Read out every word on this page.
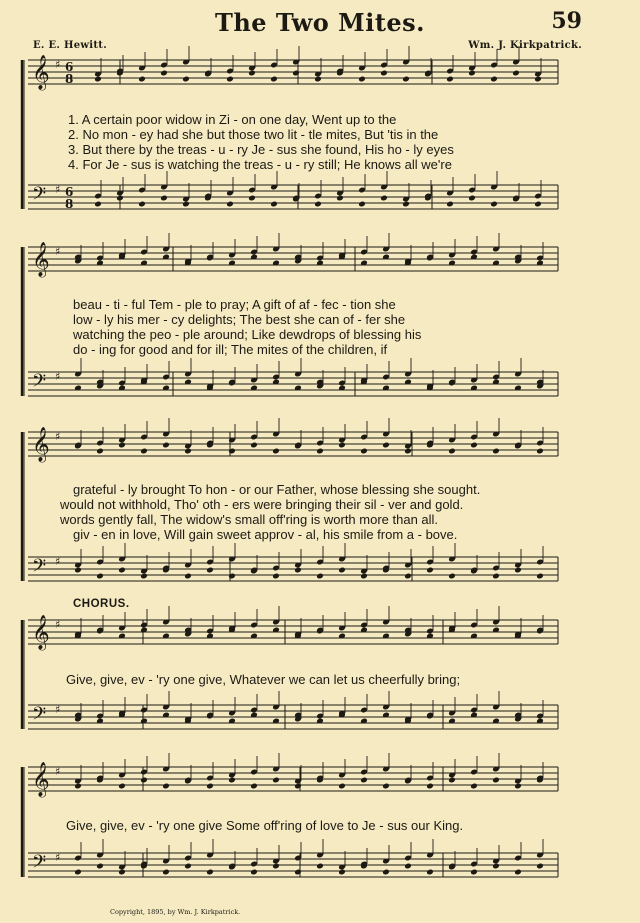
The Two Mites.	59
E. E. Hewitt.	Wm. J. Kirkpatrick.
𝄞
𝄢
♯
♯
6
8
6
8
𝄞
𝄢
♯
♯
𝄞
𝄢
♯
♯
𝄞
𝄢
♯
♯
𝄞
𝄢
♯
♯
1. A certain poor widow in Zi - on one day, Went up to the
2. No mon - ey had she but those two lit - tle mites, But 'tis in the
3. But there by the treas - u - ry Je - sus she found, His ho - ly eyes
4. For Je - sus is watching the treas - u - ry still; He knows all we're
beau - ti - ful Tem - ple to pray; A gift of af - fec - tion she
low - ly his mer - cy delights; The best she can of - fer she
watching the peo - ple around; Like dewdrops of blessing his
do - ing for good and for ill; The mites of the children, if
grateful - ly brought To hon - or our Father, whose blessing she sought.
would not withhold, Tho' oth - ers were bringing their sil - ver and gold.
words gently fall, The widow's small off'ring is worth more than all.
giv - en in love, Will gain sweet approv - al, his smile from a - bove.
CHORUS.
Give, give, ev - 'ry one give, Whatever we can let us cheerfully bring;
Give, give, ev - 'ry one give Some off'ring of love to Je - sus our King.
Copyright, 1895, by Wm. J. Kirkpatrick.
